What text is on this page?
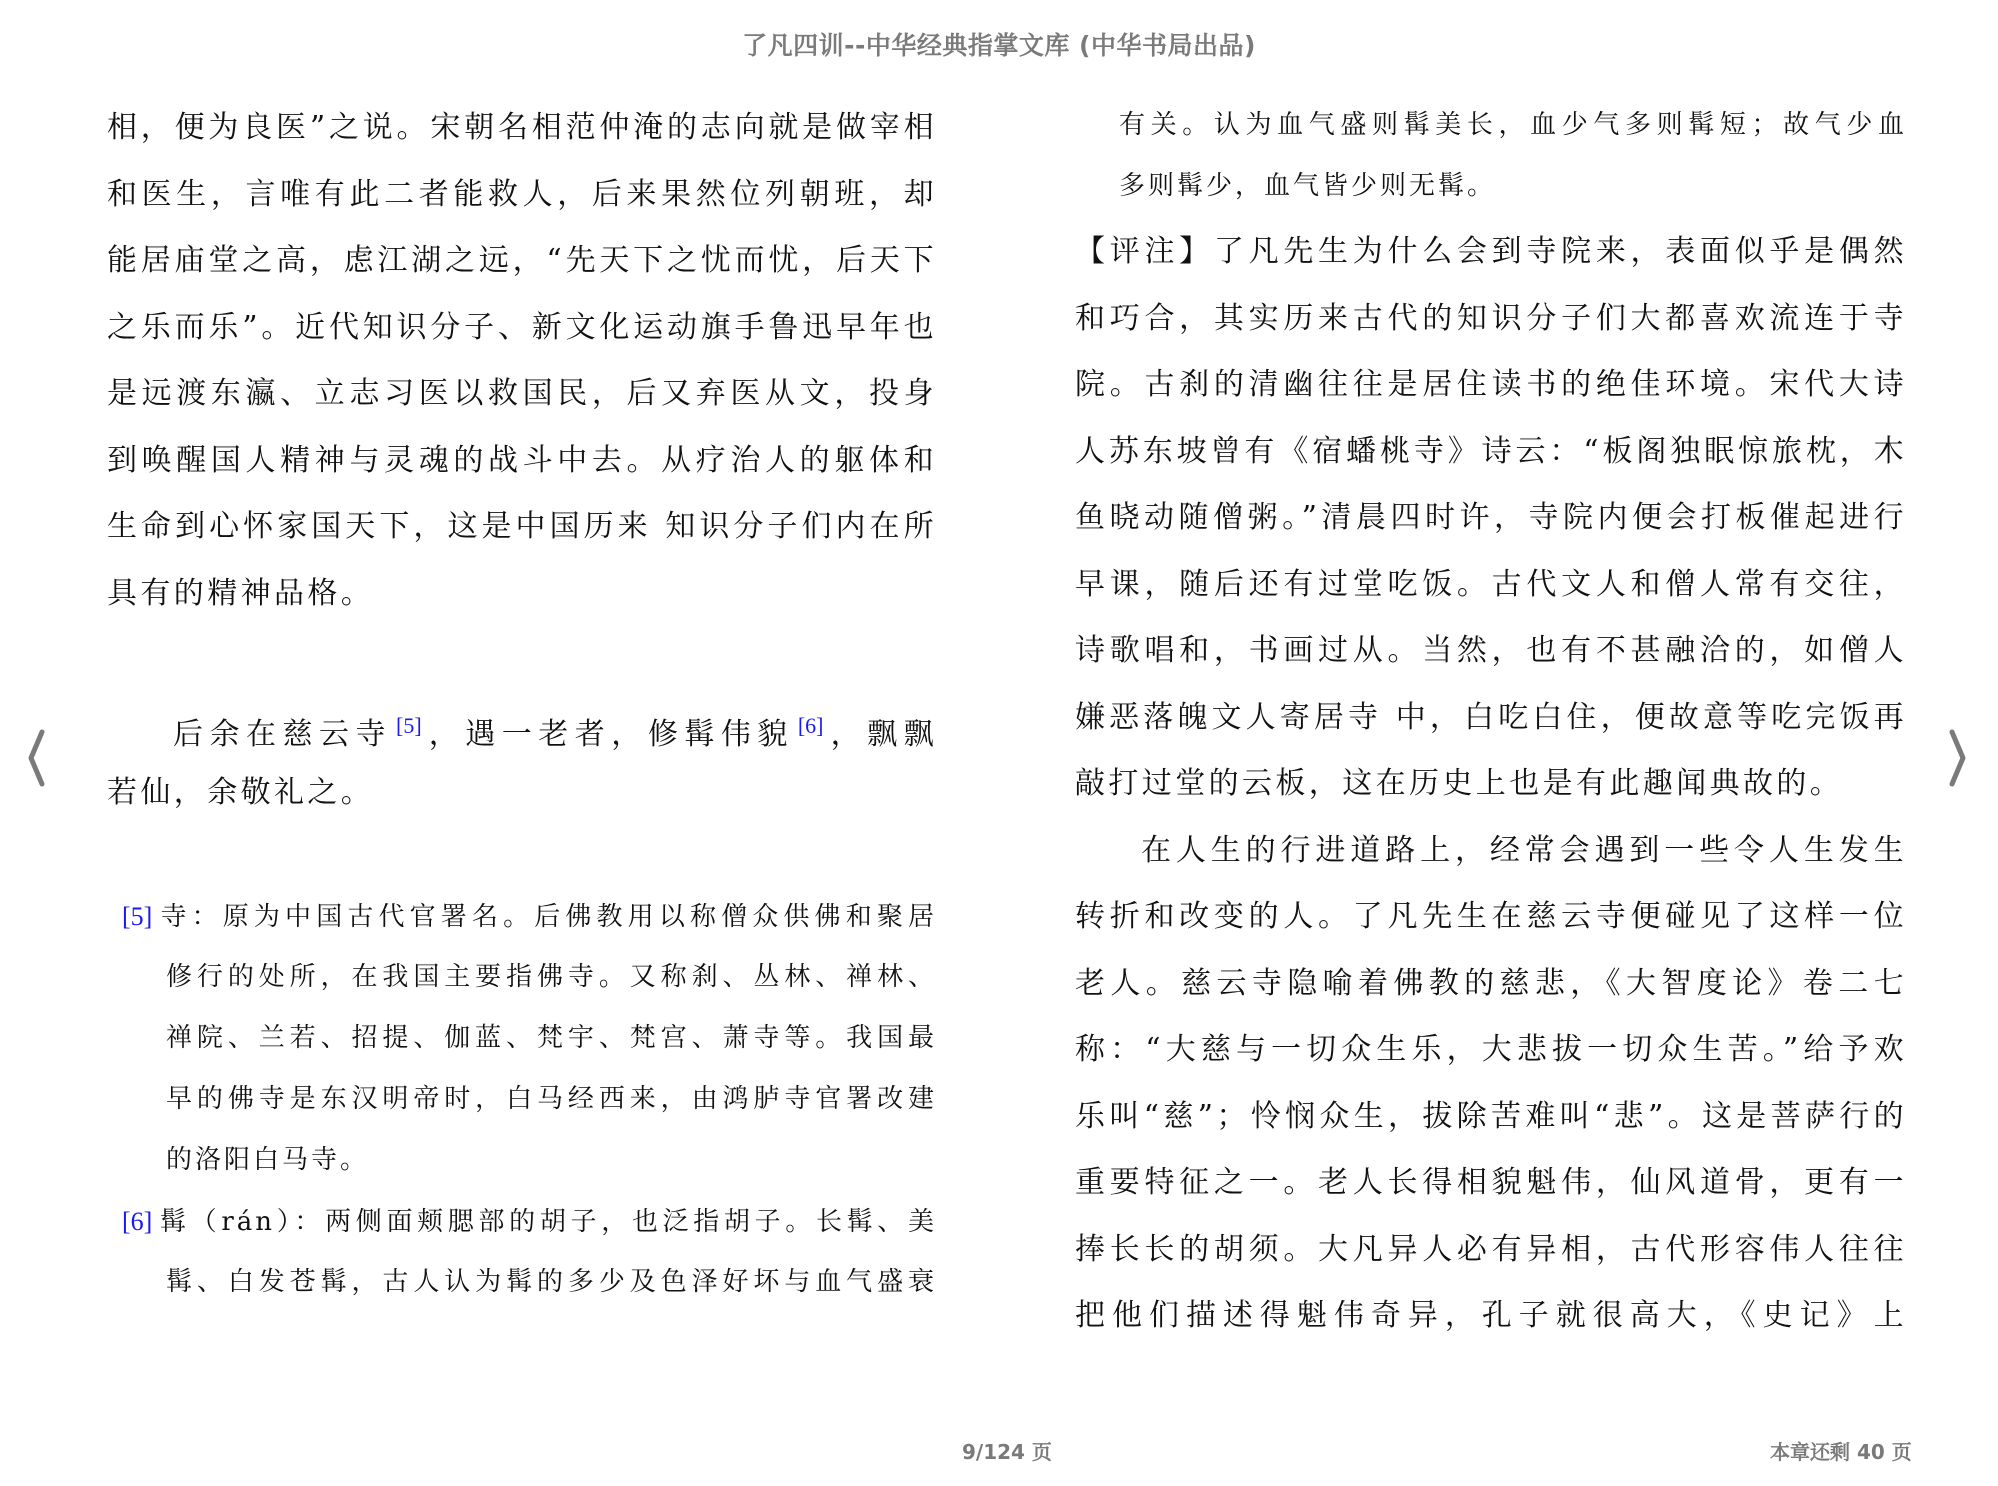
了凡四训--中华经典指掌文库 (中华书局出品)
相，便为良医”之说。宋朝名相范仲淹的志向就是做宰相
和医生，言唯有此二者能救人，后来果然位列朝班，却
能居庙堂之高，虑江湖之远，“先天下之忧而忧，后天下
之乐而乐”。近代知识分子、新文化运动旗手鲁迅早年也
是远渡东瀛、立志习医以救国民，后又弃医从文，投身
到唤醒国人精神与灵魂的战斗中去。从疗治人的躯体和
生命到心怀家国天下，这是中国历来 知识分子们内在所
具有的精神品格。
后余在慈云寺 [5] ，遇一老者，修髯伟貌 [6] ，飘飘
若仙，余敬礼之。
[5] 寺：原为中国古代官署名。后佛教用以称僧众供佛和聚居
修行的处所，在我国主要指佛寺。又称刹、丛林、禅林、
禅院、兰若、招提、伽蓝、梵宇、梵宫、萧寺等。我国最
早的佛寺是东汉明帝时，白马经西来，由鸿胪寺官署改建
的洛阳白马寺。
[6] 髯（rán）：两侧面颊腮部的胡子，也泛指胡子。长髯、美
髯、白发苍髯，古人认为髯的多少及色泽好坏与血气盛衰
有关。认为血气盛则髯美长，血少气多则髯短；故气少血
多则髯少，血气皆少则无髯。
【评注】了凡先生为什么会到寺院来，表面似乎是偶然
和巧合，其实历来古代的知识分子们大都喜欢流连于寺
院。古刹的清幽往往是居住读书的绝佳环境。宋代大诗
人苏东坡曾有《宿蟠桃寺》诗云：“板阁独眠惊旅枕，木
鱼晓动随僧粥。”清晨四时许，寺院内便会打板催起进行
早课，随后还有过堂吃饭。古代文人和僧人常有交往，
诗歌唱和，书画过从。当然，也有不甚融洽的，如僧人
嫌恶落魄文人寄居寺 中，白吃白住，便故意等吃完饭再
敲打过堂的云板，这在历史上也是有此趣闻典故的。
在人生的行进道路上，经常会遇到一些令人生发生
转折和改变的人。了凡先生在慈云寺便碰见了这样一位
老人。慈云寺隐喻着佛教的慈悲，《大智度论》卷二七
称：“大慈与一切众生乐，大悲拔一切众生苦。”给予欢
乐叫“慈”；怜悯众生，拔除苦难叫“悲”。这是菩萨行的
重要特征之一。老人长得相貌魁伟，仙风道骨，更有一
捧长长的胡须。大凡异人必有异相，古代形容伟人往往
把他们描述得魁伟奇异，孔子就很高大，《史记》上
9/124 页	本章还剩 40 页
